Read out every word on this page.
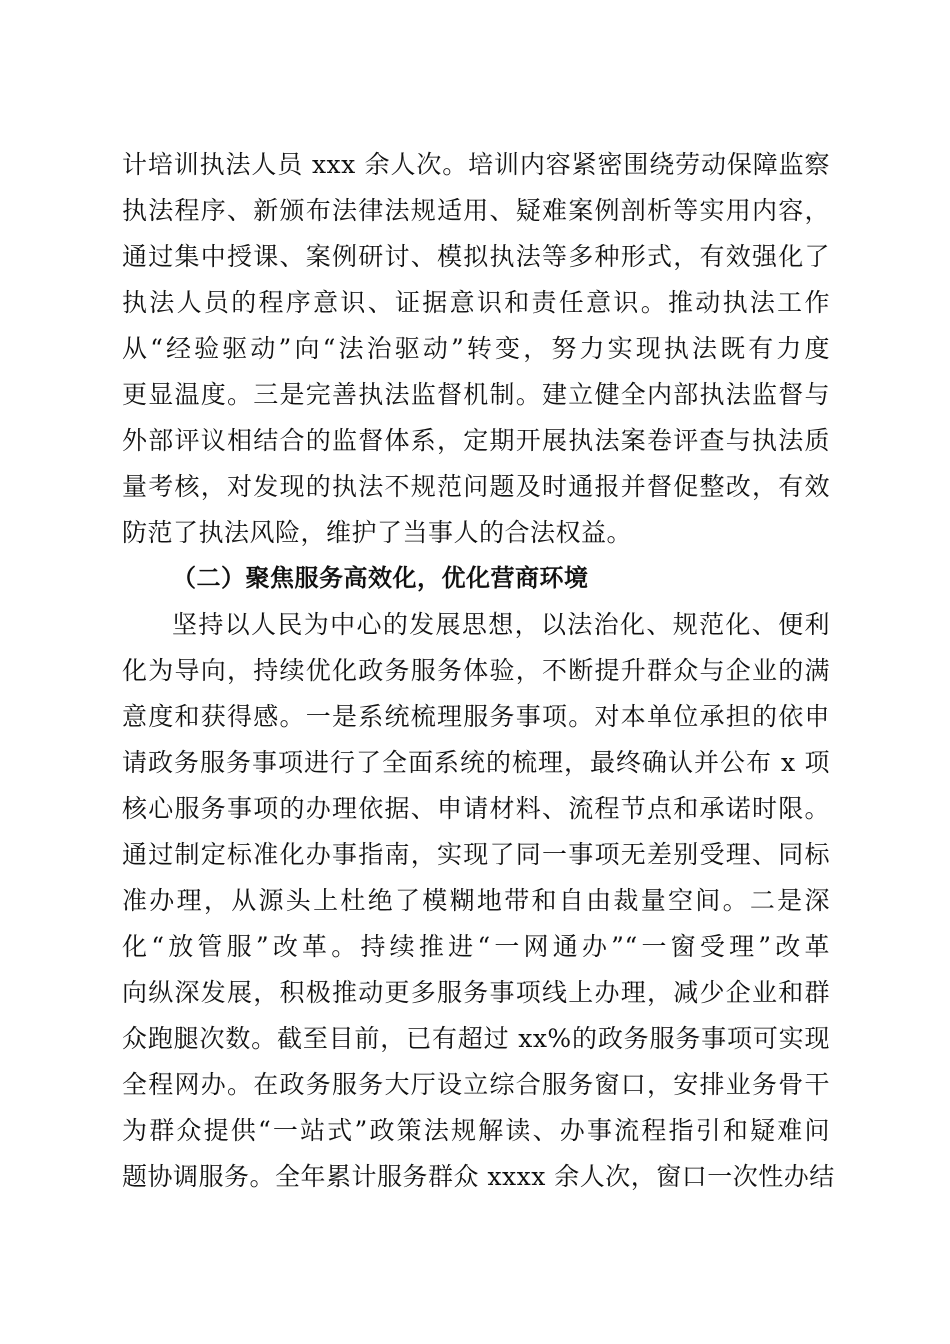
计培训执法人员 xxx 余人次。培训内容紧密围绕劳动保障监察
执法程序、新颁布法律法规适用、疑难案例剖析等实用内容，
通过集中授课、案例研讨、模拟执法等多种形式，有效强化了
执法人员的程序意识、证据意识和责任意识。推动执法工作
从“经验驱动”向“法治驱动”转变，努力实现执法既有力度
更显温度。三是完善执法监督机制。建立健全内部执法监督与
外部评议相结合的监督体系，定期开展执法案卷评查与执法质
量考核，对发现的执法不规范问题及时通报并督促整改，有效
防范了执法风险，维护了当事人的合法权益。
（二）聚焦服务高效化，优化营商环境
坚持以人民为中心的发展思想，以法治化、规范化、便利
化为导向，持续优化政务服务体验，不断提升群众与企业的满
意度和获得感。一是系统梳理服务事项。对本单位承担的依申
请政务服务事项进行了全面系统的梳理，最终确认并公布 x 项
核心服务事项的办理依据、申请材料、流程节点和承诺时限。
通过制定标准化办事指南，实现了同一事项无差别受理、同标
准办理，从源头上杜绝了模糊地带和自由裁量空间。二是深
化“放管服”改革。持续推进“一网通办”“一窗受理”改革
向纵深发展，积极推动更多服务事项线上办理，减少企业和群
众跑腿次数。截至目前，已有超过 xx%的政务服务事项可实现
全程网办。在政务服务大厅设立综合服务窗口，安排业务骨干
为群众提供“一站式”政策法规解读、办事流程指引和疑难问
题协调服务。全年累计服务群众 xxxx 余人次，窗口一次性办结
